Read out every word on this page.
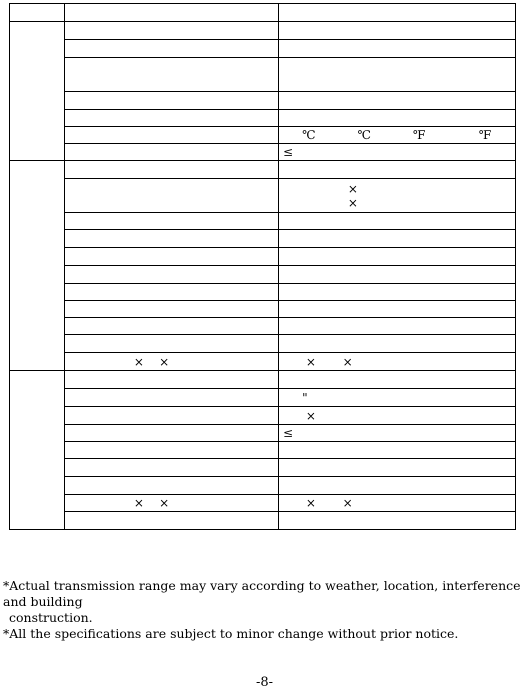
		℃           ℃           ℉              ℉
		≤

		×
×

	×    ×	×       ×

		"
		×
		≤

	×    ×	×       ×

*Actual transmission range may vary according to weather, location, interference and building

construction.

*All the specifications are subject to minor change without prior notice.

-8-
